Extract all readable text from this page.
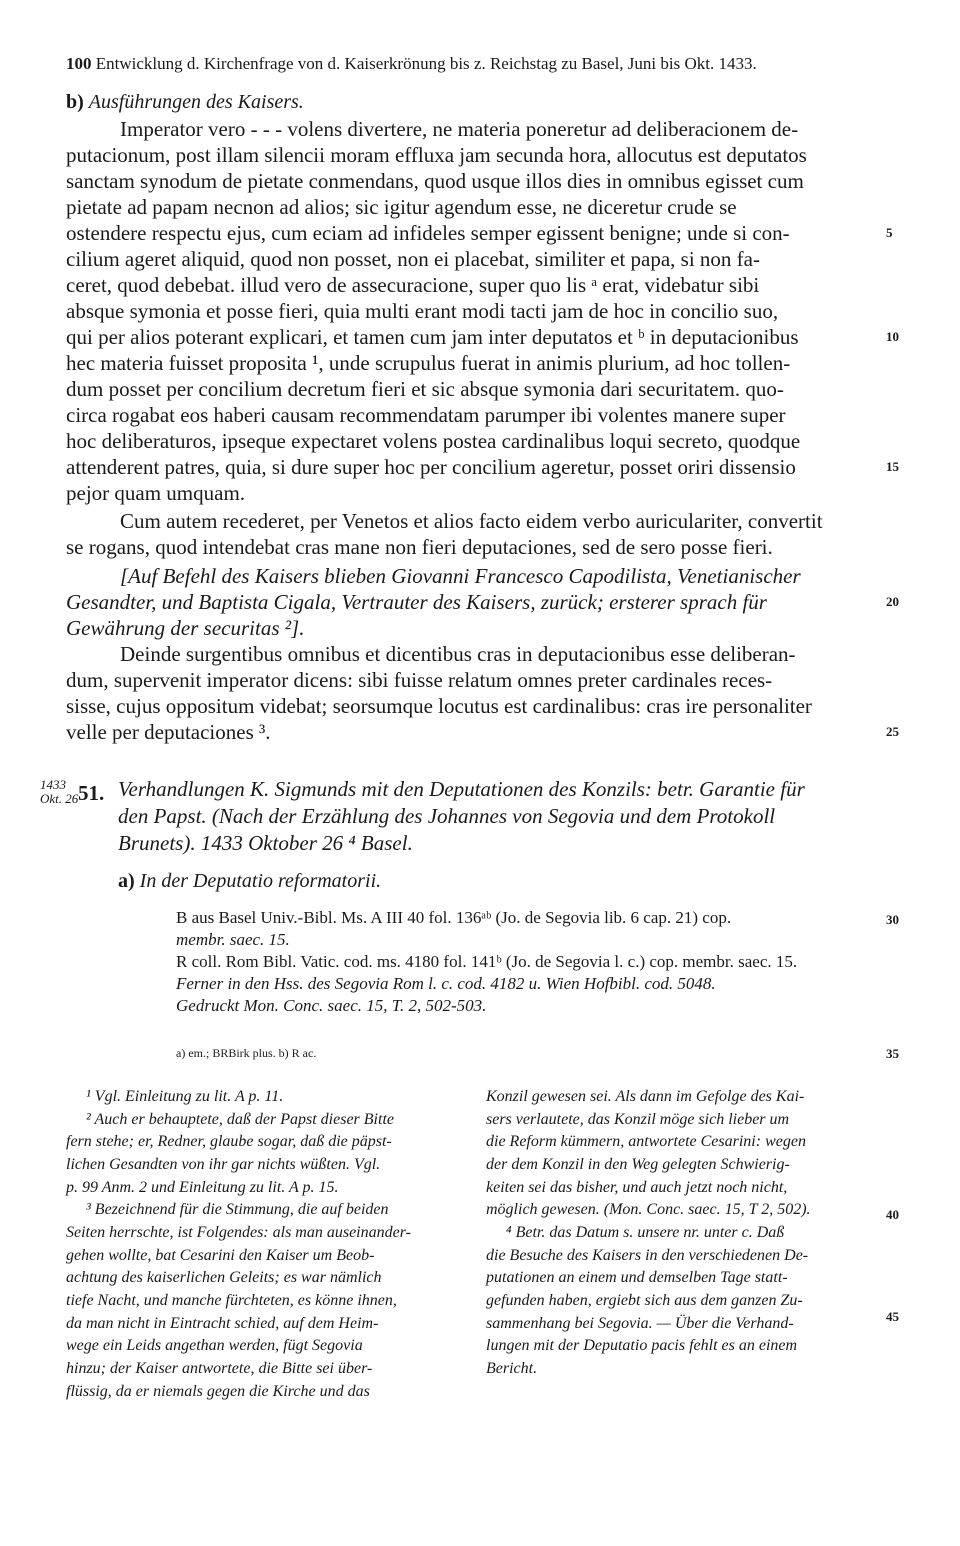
100 Entwicklung d. Kirchenfrage von d. Kaiserkrönung bis z. Reichstag zu Basel, Juni bis Okt. 1433.
b) Ausführungen des Kaisers.
Imperator vero - - - volens divertere, ne materia poneretur ad deliberacionem de-
putacionum, post illam silencii moram effluxa jam secunda hora, allocutus est deputatos
sanctam synodum de pietate conmendans, quod usque illos dies in omnibus egisset cum
pietate ad papam necnon ad alios; sic igitur agendum esse, ne diceretur crude se
ostendere respectu ejus, cum eciam ad infideles semper egissent benigne; unde si con-
cilium ageret aliquid, quod non posset, non ei placebat, similiter et papa, si non fa-
ceret, quod debebat. illud vero de assecuracione, super quo lis ᵃ erat, videbatur sibi
absque symonia et posse fieri, quia multi erant modi tacti jam de hoc in concilio suo,
qui per alios poterant explicari, et tamen cum jam inter deputatos et ᵇ in deputacionibus
hec materia fuisset proposita ¹, unde scrupulus fuerat in animis plurium, ad hoc tollen-
dum posset per concilium decretum fieri et sic absque symonia dari securitatem. quo-
circa rogabat eos haberi causam recommendatam parumper ibi volentes manere super
hoc deliberaturos, ipseque expectaret volens postea cardinalibus loqui secreto, quodque
attenderent patres, quia, si dure super hoc per concilium ageretur, posset oriri dissensio
pejor quam umquam.
Cum autem recederet, per Venetos et alios facto eidem verbo auriculariter, convertit
se rogans, quod intendebat cras mane non fieri deputaciones, sed de sero posse fieri.
[Auf Befehl des Kaisers blieben Giovanni Francesco Capodilista, Venetianischer
Gesandter, und Baptista Cigala, Vertrauter des Kaisers, zurück; ersterer sprach für
Gewährung der securitas ²].
Deinde surgentibus omnibus et dicentibus cras in deputacionibus esse deliberan-
dum, supervenit imperator dicens: sibi fuisse relatum omnes preter cardinales reces-
sisse, cujus oppositum videbat; seorsumque locutus est cardinalibus: cras ire personaliter
velle per deputaciones ³.
5
10
15
20
25
30
35
40
45
1433
Okt. 26 51. Verhandlungen K. Sigmunds mit den Deputationen des Konzils: betr. Garantie für
den Papst. (Nach der Erzählung des Johannes von Segovia und dem Protokoll
Brunets). 1433 Oktober 26 ⁴ Basel.
a) In der Deputatio reformatorii.
B aus Basel Univ.-Bibl. Ms. A III 40 fol. 136ᵃᵇ (Jo. de Segovia lib. 6 cap. 21) cop.
membr. saec. 15.
R coll. Rom Bibl. Vatic. cod. ms. 4180 fol. 141ᵇ (Jo. de Segovia l. c.) cop. membr. saec. 15.
Ferner in den Hss. des Segovia Rom l. c. cod. 4182 u. Wien Hofbibl. cod. 5048.
Gedruckt Mon. Conc. saec. 15, T. 2, 502-503.
a) em.; BRBirk plus. b) R ac.
¹ Vgl. Einleitung zu lit. A p. 11.
² Auch er behauptete, daß der Papst dieser Bitte
fern stehe; er, Redner, glaube sogar, daß die päpst-
lichen Gesandten von ihr gar nichts wüßten. Vgl.
p. 99 Anm. 2 und Einleitung zu lit. A p. 15.
³ Bezeichnend für die Stimmung, die auf beiden
Seiten herrschte, ist Folgendes: als man auseinander-
gehen wollte, bat Cesarini den Kaiser um Beob-
achtung des kaiserlichen Geleits; es war nämlich
tiefe Nacht, und manche fürchteten, es könne ihnen,
da man nicht in Eintracht schied, auf dem Heim-
wege ein Leids angethan werden, fügt Segovia
hinzu; der Kaiser antwortete, die Bitte sei über-
flüssig, da er niemals gegen die Kirche und das
Konzil gewesen sei. Als dann im Gefolge des Kai-
sers verlautete, das Konzil möge sich lieber um
die Reform kümmern, antwortete Cesarini: wegen
der dem Konzil in den Weg gelegten Schwierig-
keiten sei das bisher, und auch jetzt noch nicht,
möglich gewesen. (Mon. Conc. saec. 15, T 2, 502).
⁴ Betr. das Datum s. unsere nr. unter c. Daß
die Besuche des Kaisers in den verschiedenen De-
putationen an einem und demselben Tage statt-
gefunden haben, ergiebt sich aus dem ganzen Zu-
sammenhang bei Segovia. — Über die Verhand-
lungen mit der Deputatio pacis fehlt es an einem
Bericht.
